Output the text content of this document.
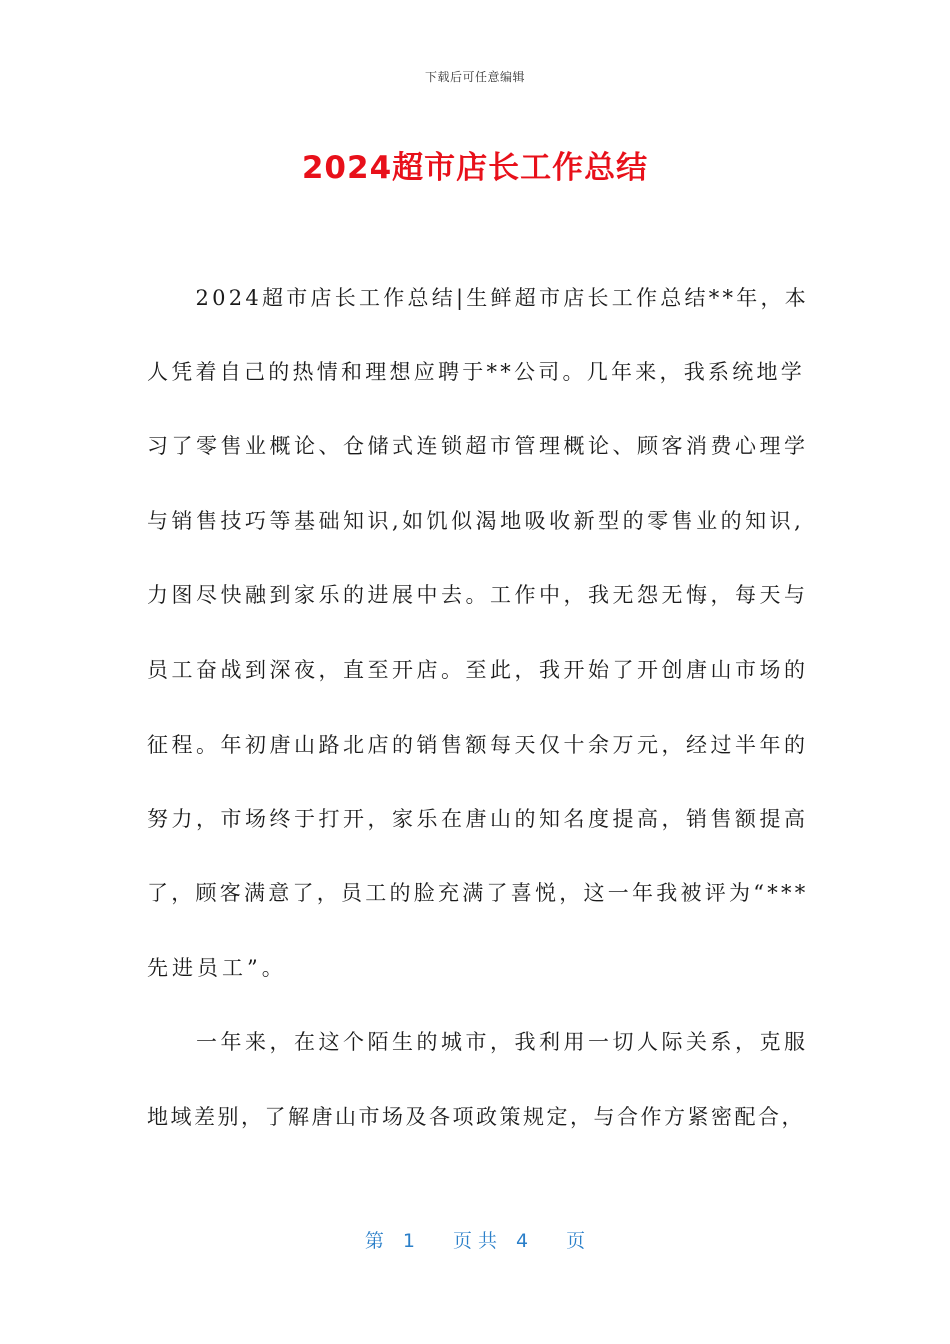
下载后可任意编辑
2024超市店长工作总结
　　2024超市店长工作总结|生鲜超市店长工作总结**年，本
人凭着自己的热情和理想应聘于**公司。几年来，我系统地学
习了零售业概论、仓储式连锁超市管理概论、顾客消费心理学
与销售技巧等基础知识,如饥似渴地吸收新型的零售业的知识,
力图尽快融到家乐的进展中去。工作中，我无怨无悔，每天与
员工奋战到深夜，直至开店。至此，我开始了开创唐山市场的
征程。年初唐山路北店的销售额每天仅十余万元，经过半年的
努力，市场终于打开，家乐在唐山的知名度提高，销售额提高
了，顾客满意了，员工的脸充满了喜悦，这一年我被评为“***
先进员工”。
　　一年来，在这个陌生的城市，我利用一切人际关系，克服
地域差别，了解唐山市场及各项政策规定，与合作方紧密配合，
第　1　　页 共　4　　页
